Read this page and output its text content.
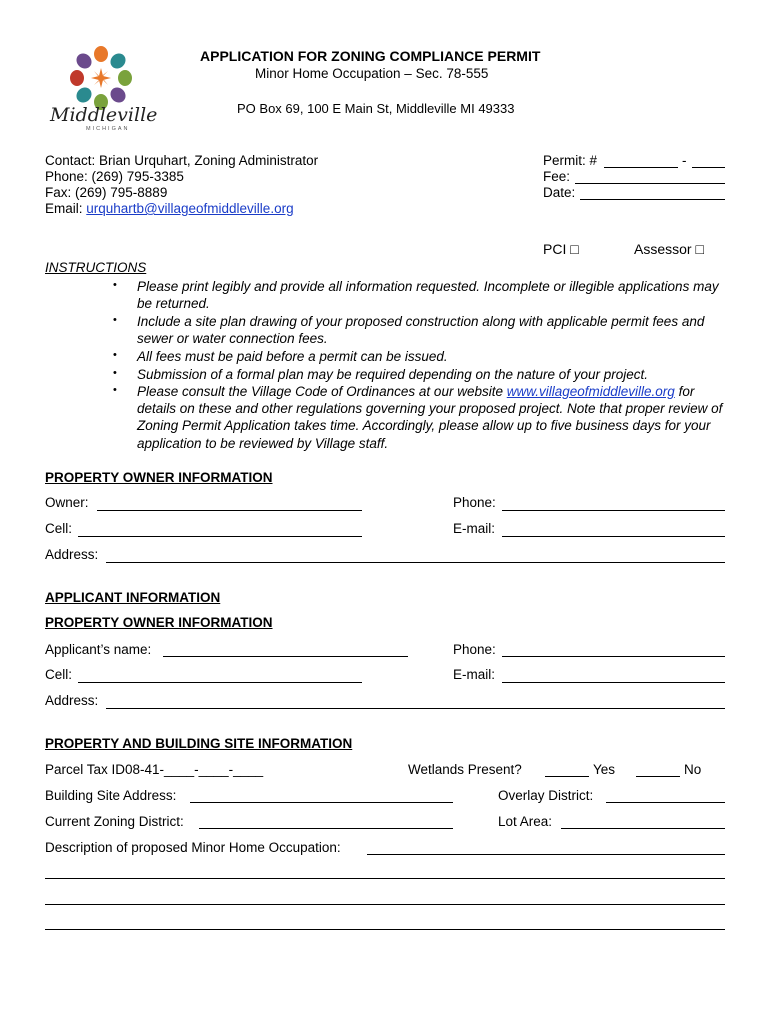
Middleville
MICHIGAN
APPLICATION FOR ZONING COMPLIANCE PERMIT
Minor Home Occupation – Sec. 78-555
PO Box 69, 100 E Main St, Middleville MI 49333
Contact: Brian Urquhart, Zoning Administrator
Phone: (269) 795-3385
Fax: (269) 795-8889
Email: urquhartb@villageofmiddleville.org
Permit: #	-
Fee:
Date:
PCI □	Assessor □
INSTRUCTIONS
• Please print legibly and provide all information requested. Incomplete or illegible applications may be returned.
• Include a site plan drawing of your proposed construction along with applicable permit fees and sewer or water connection fees.
• All fees must be paid before a permit can be issued.
• Submission of a formal plan may be required depending on the nature of your project.
• Please consult the Village Code of Ordinances at our website www.villageofmiddleville.org for details on these and other regulations governing your proposed project. Note that proper review of Zoning Permit Application takes time. Accordingly, please allow up to five business days for your application to be reviewed by Village staff.
PROPERTY OWNER INFORMATION
Owner:	Phone:
Cell:	E-mail:
Address:
APPLICANT INFORMATION
PROPERTY OWNER INFORMATION
Applicant’s name:	Phone:
Cell:	E-mail:
Address:
PROPERTY AND BUILDING SITE INFORMATION
Parcel Tax ID08-41-____-____-____	Wetlands Present?	Yes	No
Building Site Address:	Overlay District:
Current Zoning District:	Lot Area:
Description of proposed Minor Home Occupation:
